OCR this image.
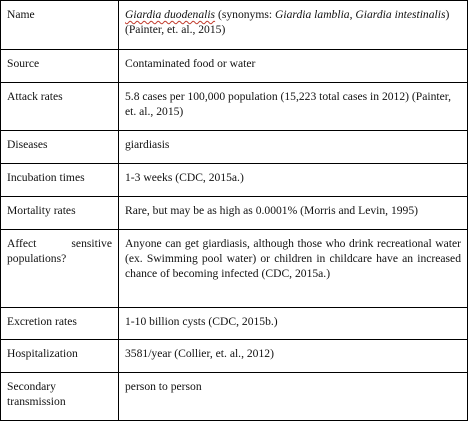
Name	Giardia duodenalis (synonyms: Giardia lamblia, Giardia intestinalis) (Painter, et. al., 2015)
Source	Contaminated food or water
Attack rates	5.8 cases per 100,000 population (15,223 total cases in 2012) (Painter, et. al., 2015)
Diseases	giardiasis
Incubation times	1-3 weeks (CDC, 2015a.)
Mortality rates	Rare, but may be as high as 0.0001% (Morris and Levin, 1995)
Affect sensitive populations?	Anyone can get giardiasis, although those who drink recreational water (ex. Swimming pool water) or children in childcare have an increased chance of becoming infected (CDC, 2015a.)
Excretion rates	1-10 billion cysts (CDC, 2015b.)
Hospitalization	3581/year (Collier, et. al., 2012)
Secondary transmission	person to person
